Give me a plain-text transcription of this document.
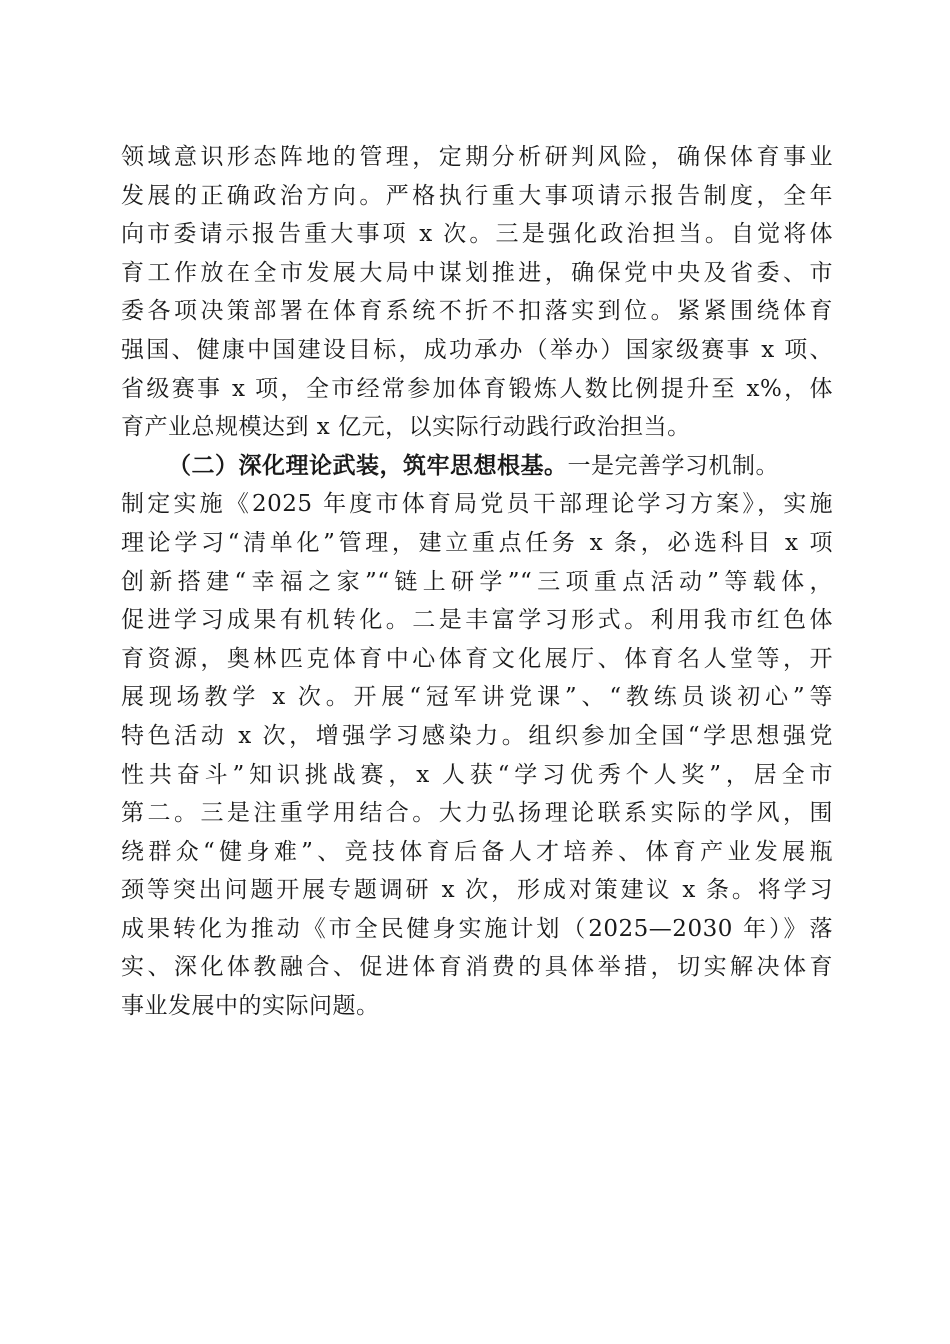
领域意识形态阵地的管理，定期分析研判风险，确保体育事业
发展的正确政治方向。严格执行重大事项请示报告制度，全年
向市委请示报告重大事项 x 次。三是强化政治担当。自觉将体
育工作放在全市发展大局中谋划推进，确保党中央及省委、市
委各项决策部署在体育系统不折不扣落实到位。紧紧围绕体育
强国、健康中国建设目标，成功承办（举办）国家级赛事 x 项、
省级赛事 x 项，全市经常参加体育锻炼人数比例提升至 x%，体
育产业总规模达到 x 亿元，以实际行动践行政治担当。
（二）深化理论武装，筑牢思想根基。一是完善学习机制。
制定实施《2025 年度市体育局党员干部理论学习方案》，实施
理论学习“清单化”管理，建立重点任务 x 条，必选科目 x 项
创新搭建“幸福之家”“链上研学”“三项重点活动”等载体，
促进学习成果有机转化。二是丰富学习形式。利用我市红色体
育资源，奥林匹克体育中心体育文化展厅、体育名人堂等，开
展现场教学 x 次。开展“冠军讲党课”、“教练员谈初心”等
特色活动 x 次，增强学习感染力。组织参加全国“学思想强党
性共奋斗”知识挑战赛，x 人获“学习优秀个人奖”，居全市
第二。三是注重学用结合。大力弘扬理论联系实际的学风，围
绕群众“健身难”、竞技体育后备人才培养、体育产业发展瓶
颈等突出问题开展专题调研 x 次，形成对策建议 x 条。将学习
成果转化为推动《市全民健身实施计划（2025—2030 年）》落
实、深化体教融合、促进体育消费的具体举措，切实解决体育
事业发展中的实际问题。
